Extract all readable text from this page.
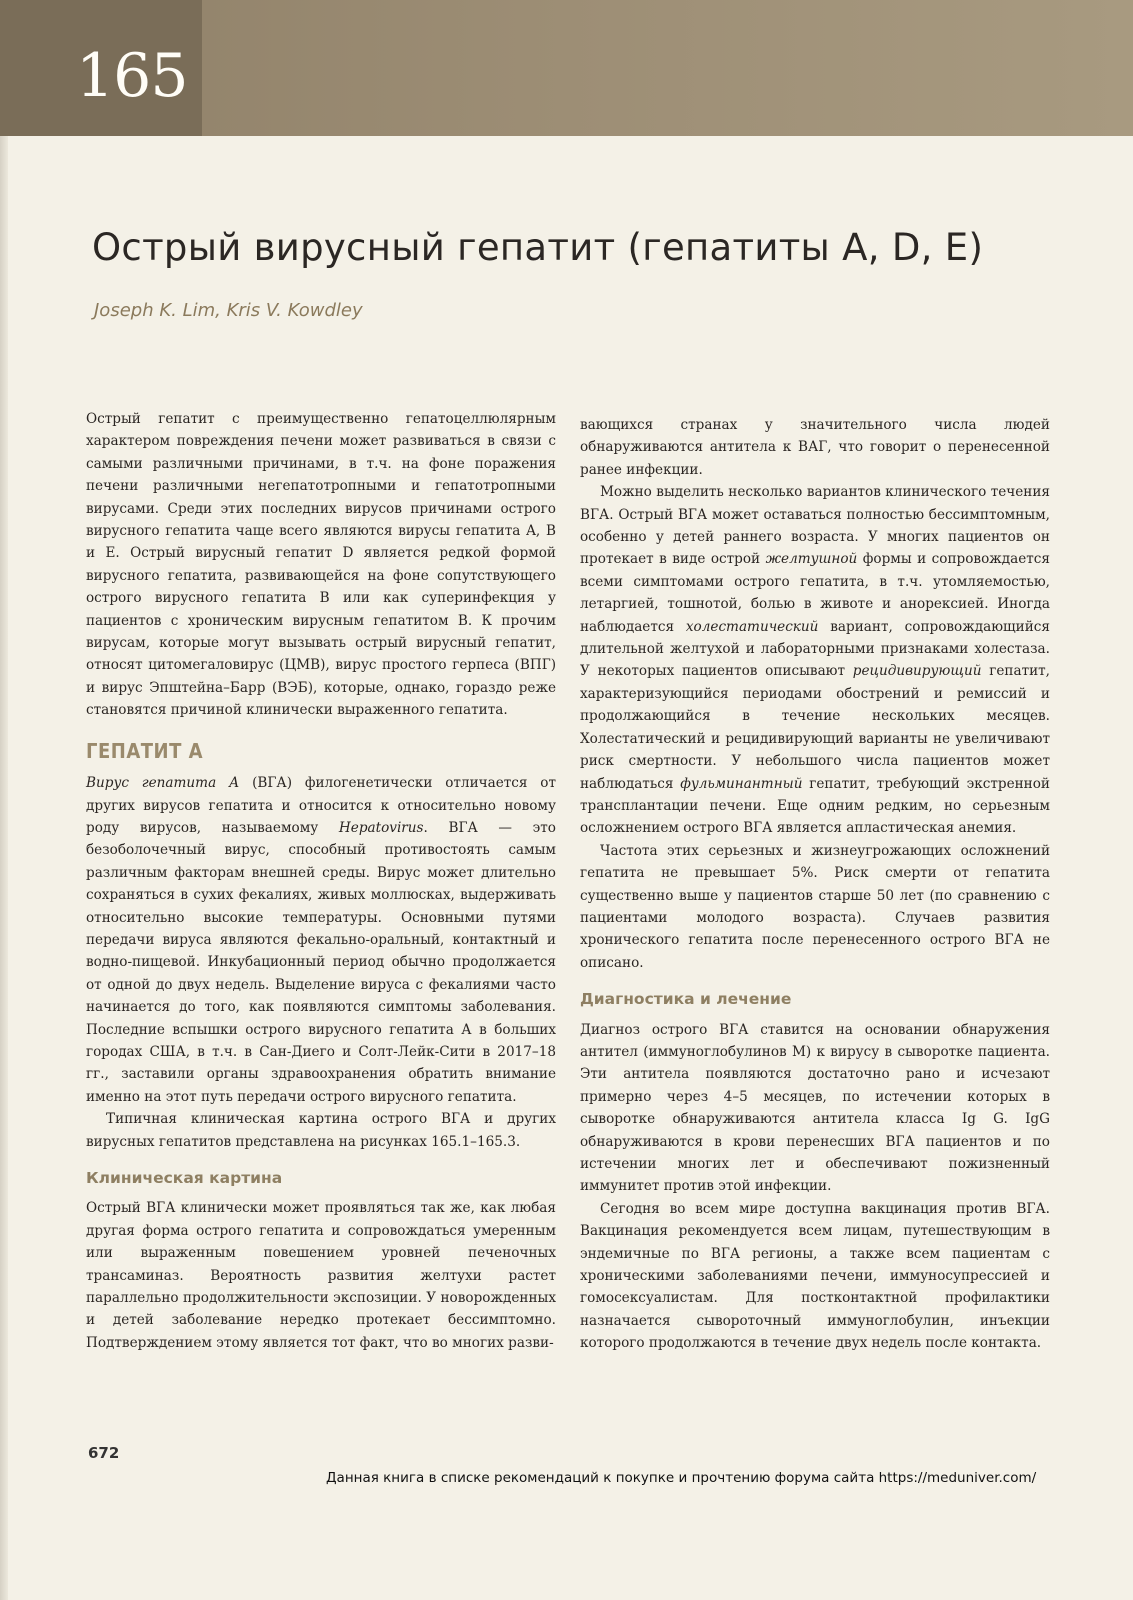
165
Острый вирусный гепатит (гепатиты A, D, E)
Joseph K. Lim, Kris V. Kowdley

Острый гепатит с преимущественно гепатоцеллюлярным характером повреждения печени может развиваться в связи с самыми различными причинами, в т.ч. на фоне поражения печени различными негепатотропными и гепатотропными вирусами. Среди этих последних вирусов причинами острого вирусного гепатита чаще всего являются вирусы гепатита A, B и E. Острый вирусный гепатит D является редкой формой вирусного гепатита, развивающейся на фоне сопутствующего острого вирусного гепатита B или как суперинфекция у пациентов с хроническим вирусным гепатитом B. К прочим вирусам, которые могут вызывать острый вирусный гепатит, относят цитомегаловирус (ЦМВ), вирус простого герпеса (ВПГ) и вирус Эпштейна–Барр (ВЭБ), которые, однако, гораздо реже становятся причиной клинически выраженного гепатита.

ГЕПАТИТ А

Вирус гепатита А (ВГА) филогенетически отличается от других вирусов гепатита и относится к относительно новому роду вирусов, называемому Hepatovirus. ВГА — это безоболочечный вирус, способный противостоять самым различным факторам внешней среды. Вирус может длительно сохраняться в сухих фекалиях, живых моллюсках, выдерживать относительно высокие температуры. Основными путями передачи вируса являются фекально-оральный, контактный и водно-пищевой. Инкубационный период обычно продолжается от одной до двух недель. Выделение вируса с фекалиями часто начинается до того, как появляются симптомы заболевания. Последние вспышки острого вирусного гепатита А в больших городах США, в т.ч. в Сан-Диего и Солт-Лейк-Сити в 2017–18 гг., заставили органы здравоохранения обратить внимание именно на этот путь передачи острого вирусного гепатита.

Типичная клиническая картина острого ВГА и других вирусных гепатитов представлена на рисунках 165.1–165.3.

Клиническая картина

Острый ВГА клинически может проявляться так же, как любая другая форма острого гепатита и сопровождаться умеренным или выраженным повешением уровней печеночных трансаминаз. Вероятность развития желтухи растет параллельно продолжительности экспозиции. У новорожденных и детей заболевание нередко протекает бессимптомно. Подтверждением этому является тот факт, что во многих разви-

вающихся странах у значительного числа людей обнаруживаются антитела к ВАГ, что говорит о перенесенной ранее инфекции.

Можно выделить несколько вариантов клинического течения ВГА. Острый ВГА может оставаться полностью бессимптомным, особенно у детей раннего возраста. У многих пациентов он протекает в виде острой желтушной формы и сопровождается всеми симптомами острого гепатита, в т.ч. утомляемостью, летаргией, тошнотой, болью в животе и анорексией. Иногда наблюдается холестатический вариант, сопровождающийся длительной желтухой и лабораторными признаками холестаза. У некоторых пациентов описывают рецидивирующий гепатит, характеризующийся периодами обострений и ремиссий и продолжающийся в течение нескольких месяцев. Холестатический и рецидивирующий варианты не увеличивают риск смертности. У небольшого числа пациентов может наблюдаться фульминантный гепатит, требующий экстренной трансплантации печени. Еще одним редким, но серьезным осложнением острого ВГА является апластическая анемия.

Частота этих серьезных и жизнеугрожающих осложнений гепатита не превышает 5%. Риск смерти от гепатита существенно выше у пациентов старше 50 лет (по сравнению с пациентами молодого возраста). Случаев развития хронического гепатита после перенесенного острого ВГА не описано.

Диагностика и лечение

Диагноз острого ВГА ставится на основании обнаружения антител (иммуноглобулинов М) к вирусу в сыворотке пациента. Эти антитела появляются достаточно рано и исчезают примерно через 4–5 месяцев, по истечении которых в сыворотке обнаруживаются антитела класса Ig G. IgG обнаруживаются в крови перенесших ВГА пациентов и по истечении многих лет и обеспечивают пожизненный иммунитет против этой инфекции.

Сегодня во всем мире доступна вакцинация против ВГА. Вакцинация рекомендуется всем лицам, путешествующим в эндемичные по ВГА регионы, а также всем пациентам с хроническими заболеваниями печени, иммуносупрессией и гомосексуалистам. Для постконтактной профилактики назначается сывороточный иммуноглобулин, инъекции которого продолжаются в течение двух недель после контакта.

672
Данная книга в списке рекомендаций к покупке и прочтению форума сайта https://meduniver.com/
